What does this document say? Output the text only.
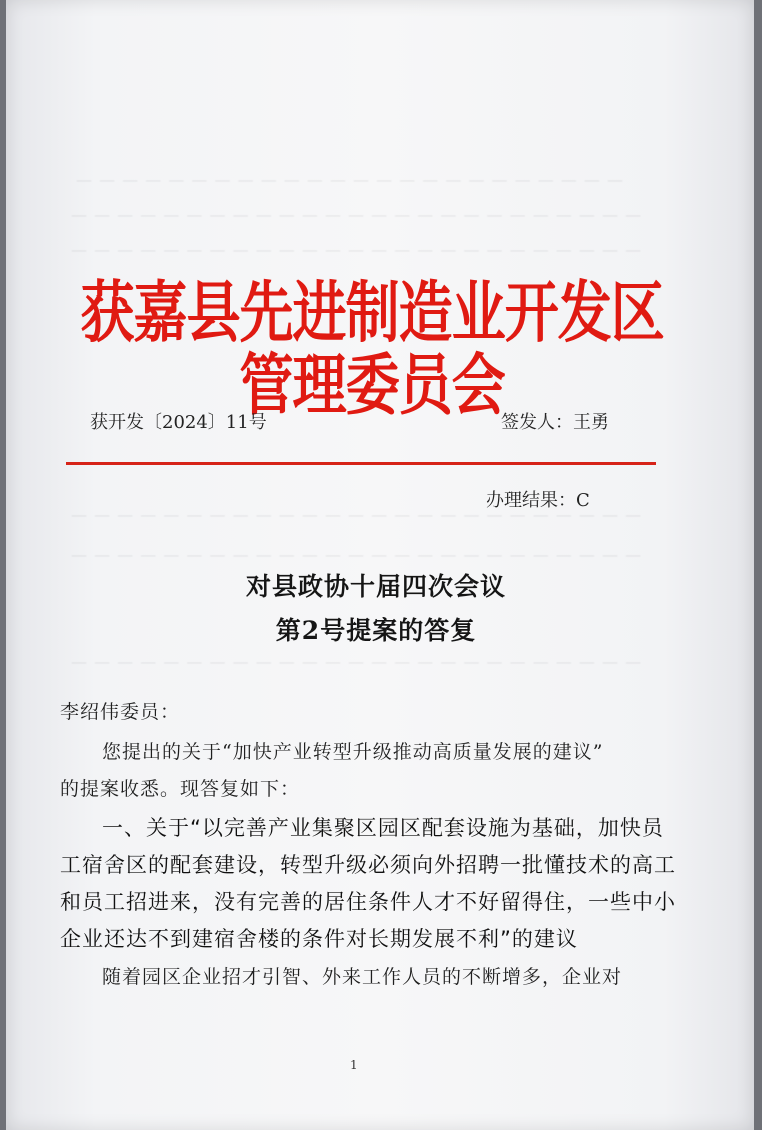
— — — — — — — — — — — — — — — — — — — — — — — —
— — — — — — — — — — — — — — — — — — — — — — — — —
— — — — — — — — — — — — — — — — — — — — — — — — —
— — — — — — — — — — — — — — — — — — — — — — — — —
— — — — — — — — — — — — — — — — — — — — — — — — —
— — — — — — — — — — — — — — — — — — — — — — — — —
获嘉县先进制造业开发区管理委员会
获开发〔2024〕11号	签发人：王勇
办理结果：C
对县政协十届四次会议
第2号提案的答复
李绍伟委员：
您提出的关于“加快产业转型升级推动高质量发展的建议”
的提案收悉。现答复如下：
一、关于“以完善产业集聚区园区配套设施为基础，加快员
工宿舍区的配套建设，转型升级必须向外招聘一批懂技术的高工
和员工招进来，没有完善的居住条件人才不好留得住，一些中小
企业还达不到建宿舍楼的条件对长期发展不利”的建议
随着园区企业招才引智、外来工作人员的不断增多，企业对
1
